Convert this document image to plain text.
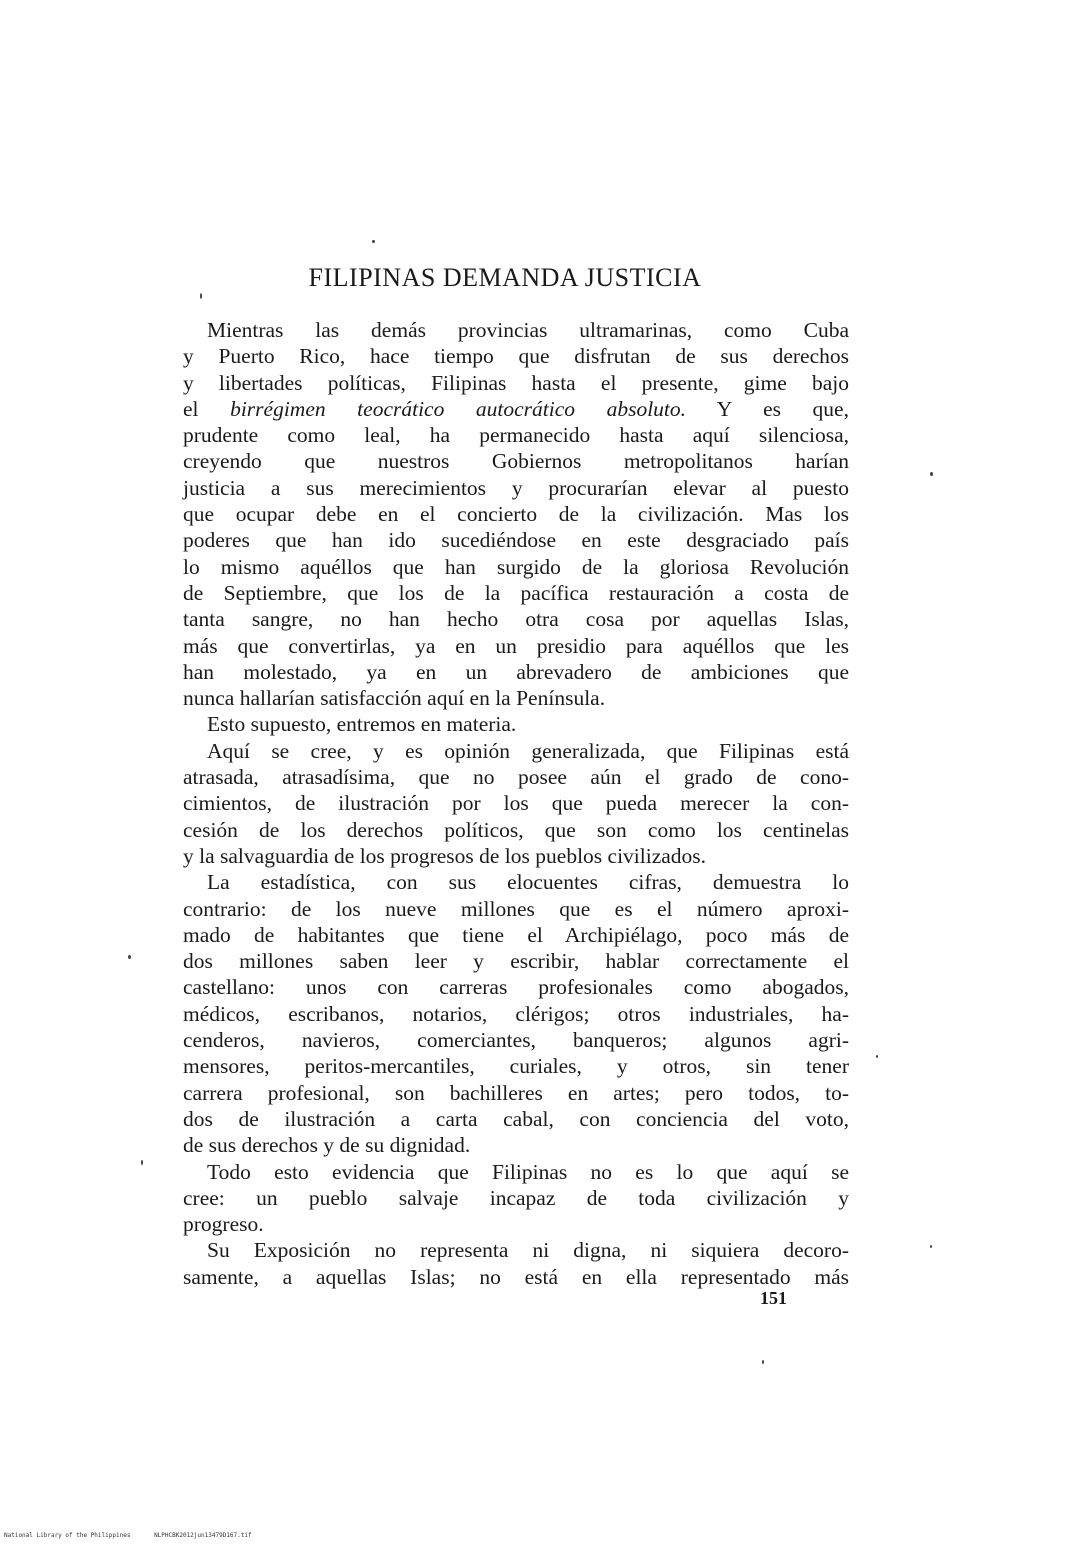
FILIPINAS DEMANDA JUSTICIA
Mientras las demás provincias ultramarinas, como Cuba
y Puerto Rico, hace tiempo que disfrutan de sus derechos
y libertades políticas, Filipinas hasta el presente, gime bajo
el birrégimen teocrático autocrático absoluto. Y es que,
prudente como leal, ha permanecido hasta aquí silenciosa,
creyendo que nuestros Gobiernos metropolitanos harían
justicia a sus merecimientos y procurarían elevar al puesto
que ocupar debe en el concierto de la civilización. Mas los
poderes que han ido sucediéndose en este desgraciado país
lo mismo aquéllos que han surgido de la gloriosa Revolución
de Septiembre, que los de la pacífica restauración a costa de
tanta sangre, no han hecho otra cosa por aquellas Islas,
más que convertirlas, ya en un presidio para aquéllos que les
han molestado, ya en un abrevadero de ambiciones que
nunca hallarían satisfacción aquí en la Península.
Esto supuesto, entremos en materia.
Aquí se cree, y es opinión generalizada, que Filipinas está
atrasada, atrasadísima, que no posee aún el grado de cono-
cimientos, de ilustración por los que pueda merecer la con-
cesión de los derechos políticos, que son como los centinelas
y la salvaguardia de los progresos de los pueblos civilizados.
La estadística, con sus elocuentes cifras, demuestra lo
contrario: de los nueve millones que es el número aproxi-
mado de habitantes que tiene el Archipiélago, poco más de
dos millones saben leer y escribir, hablar correctamente el
castellano: unos con carreras profesionales como abogados,
médicos, escribanos, notarios, clérigos; otros industriales, ha-
cenderos, navieros, comerciantes, banqueros; algunos agri-
mensores, peritos-mercantiles, curiales, y otros, sin tener
carrera profesional, son bachilleres en artes; pero todos, to-
dos de ilustración a carta cabal, con conciencia del voto,
de sus derechos y de su dignidad.
Todo esto evidencia que Filipinas no es lo que aquí se
cree: un pueblo salvaje incapaz de toda civilización y
progreso.
Su Exposición no representa ni digna, ni siquiera decoro-
samente, a aquellas Islas; no está en ella representado más
151
National Library of the Philippines	NLPHCBK2012jun13479D167.tif
